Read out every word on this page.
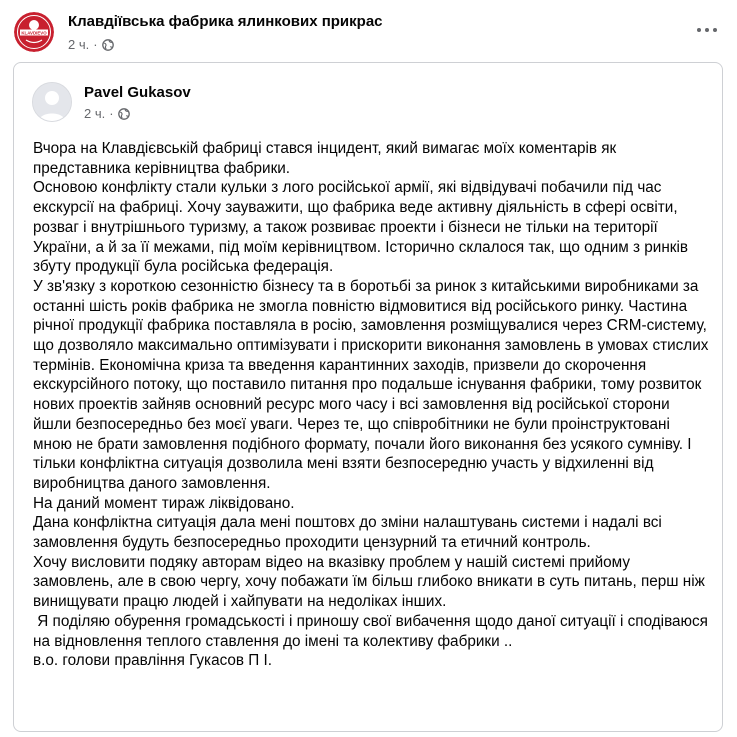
KLAVDIEVO
Клавдіївська фабрика ялинкових прикрас
2 ч. ·
Pavel Gukasov
2 ч. ·

Вчора на Клавдієвській фабриці стався інцидент, який вимагає моїх коментарів як представника керівництва фабрики.

Основою конфлікту стали кульки з лого російської армії, які відвідувачі побачили під час екскурсії на фабриці. Хочу зауважити, що фабрика веде активну діяльність в сфері освіти, розваг і внутрішнього туризму, а також розвиває проекти і бізнеси не тільки на території України, а й за її межами, під моїм керівництвом. Історично склалося так, що одним з ринків збуту продукції була російська федерація.

У зв'язку з короткою сезонністю бізнесу та в боротьбі за ринок з китайськими виробниками за останні шість років фабрика не змогла повністю відмовитися від російського ринку. Частина річної продукції фабрика поставляла в росію, замовлення розміщувалися через CRM-систему, що дозволяло максимально оптимізувати і прискорити виконання замовлень в умовах стислих термінів. Економічна криза та введення карантинних заходів, призвели до скорочення екскурсійного потоку, що поставило питання про подальше існування фабрики, тому розвиток нових проектів зайняв основний ресурс мого часу і всі замовлення від російської сторони йшли безпосередньо без моєї уваги. Через те, що співробітники не були проінструктовані мною не брати замовлення подібного формату, почали його виконання без усякого сумніву. І тільки конфліктна ситуація дозволила мені взяти безпосередню участь у відхиленні від виробництва даного замовлення.

На даний момент тираж ліквідовано.

Дана конфліктна ситуація дала мені поштовх до зміни налаштувань системи і надалі всі замовлення будуть безпосередньо проходити цензурний та етичний контроль.

Хочу висловити подяку авторам відео на вказівку проблем у нашій системі прийому замовлень, але в свою чергу, хочу побажати їм більш глибоко вникати в суть питань, перш ніж винищувати працю людей і хайпувати на недоліках інших.

Я поділяю обурення громадськості і приношу свої вибачення щодо даної ситуації і сподіваюся на відновлення теплого ставлення до імені та колективу фабрики ..

в.о. голови правління Гукасов П І.
